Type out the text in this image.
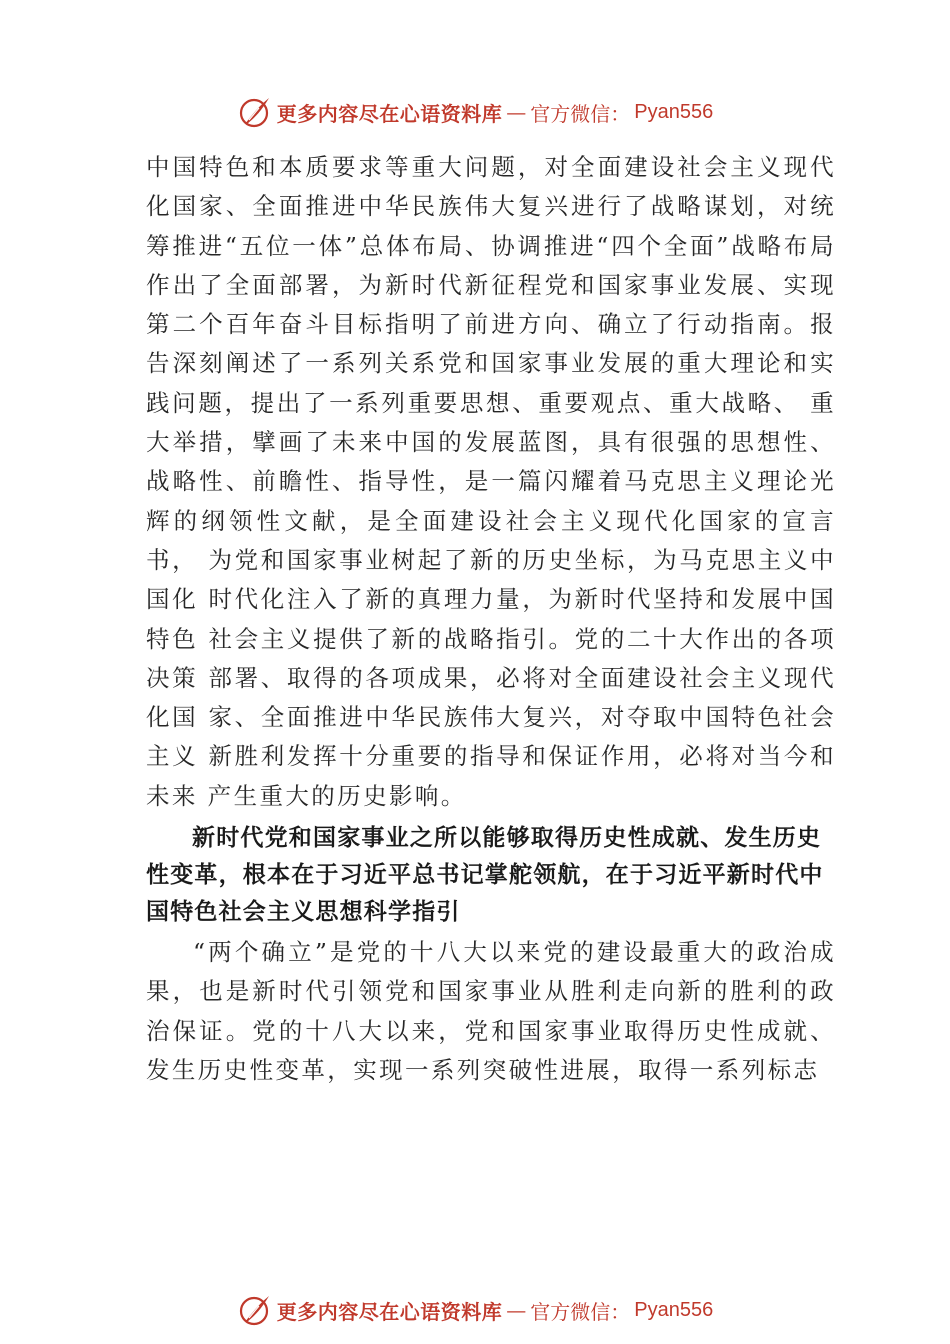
更多内容尽在心语资料库 — 官方微信： Pyan556

中国特色和本质要求等重大问题，对全面建设社会主义现代化国家、全面推进中华民族伟大复兴进行了战略谋划，对统筹推进“五位一体”总体布局、协调推进“四个全面”战略布局作出了全面部署，为新时代新征程党和国家事业发展、实现第二个百年奋斗目标指明了前进方向、确立了行动指南。报告深刻阐述了一系列关系党和国家事业发展的重大理论和实践问题，提出了一系列重要思想、重要观点、重大战略、 重大举措，擘画了未来中国的发展蓝图，具有很强的思想性、战略性、前瞻性、指导性，是一篇闪耀着马克思主义理论光 辉的纲领性文献，是全面建设社会主义现代化国家的宣言书， 为党和国家事业树起了新的历史坐标，为马克思主义中国化 时代化注入了新的真理力量，为新时代坚持和发展中国特色 社会主义提供了新的战略指引。党的二十大作出的各项决策 部署、取得的各项成果，必将对全面建设社会主义现代化国 家、全面推进中华民族伟大复兴，对夺取中国特色社会主义 新胜利发挥十分重要的指导和保证作用，必将对当今和未来 产生重大的历史影响。

新时代党和国家事业之所以能够取得历史性成就、发生历史性变革，根本在于习近平总书记掌舵领航，在于习近平新时代中国特色社会主义思想科学指引

“两个确立”是党的十八大以来党的建设最重大的政治成果，也是新时代引领党和国家事业从胜利走向新的胜利的政治保证。党的十八大以来，党和国家事业取得历史性成就、发生历史性变革，实现一系列突破性进展，取得一系列标志

更多内容尽在心语资料库 — 官方微信： Pyan556
